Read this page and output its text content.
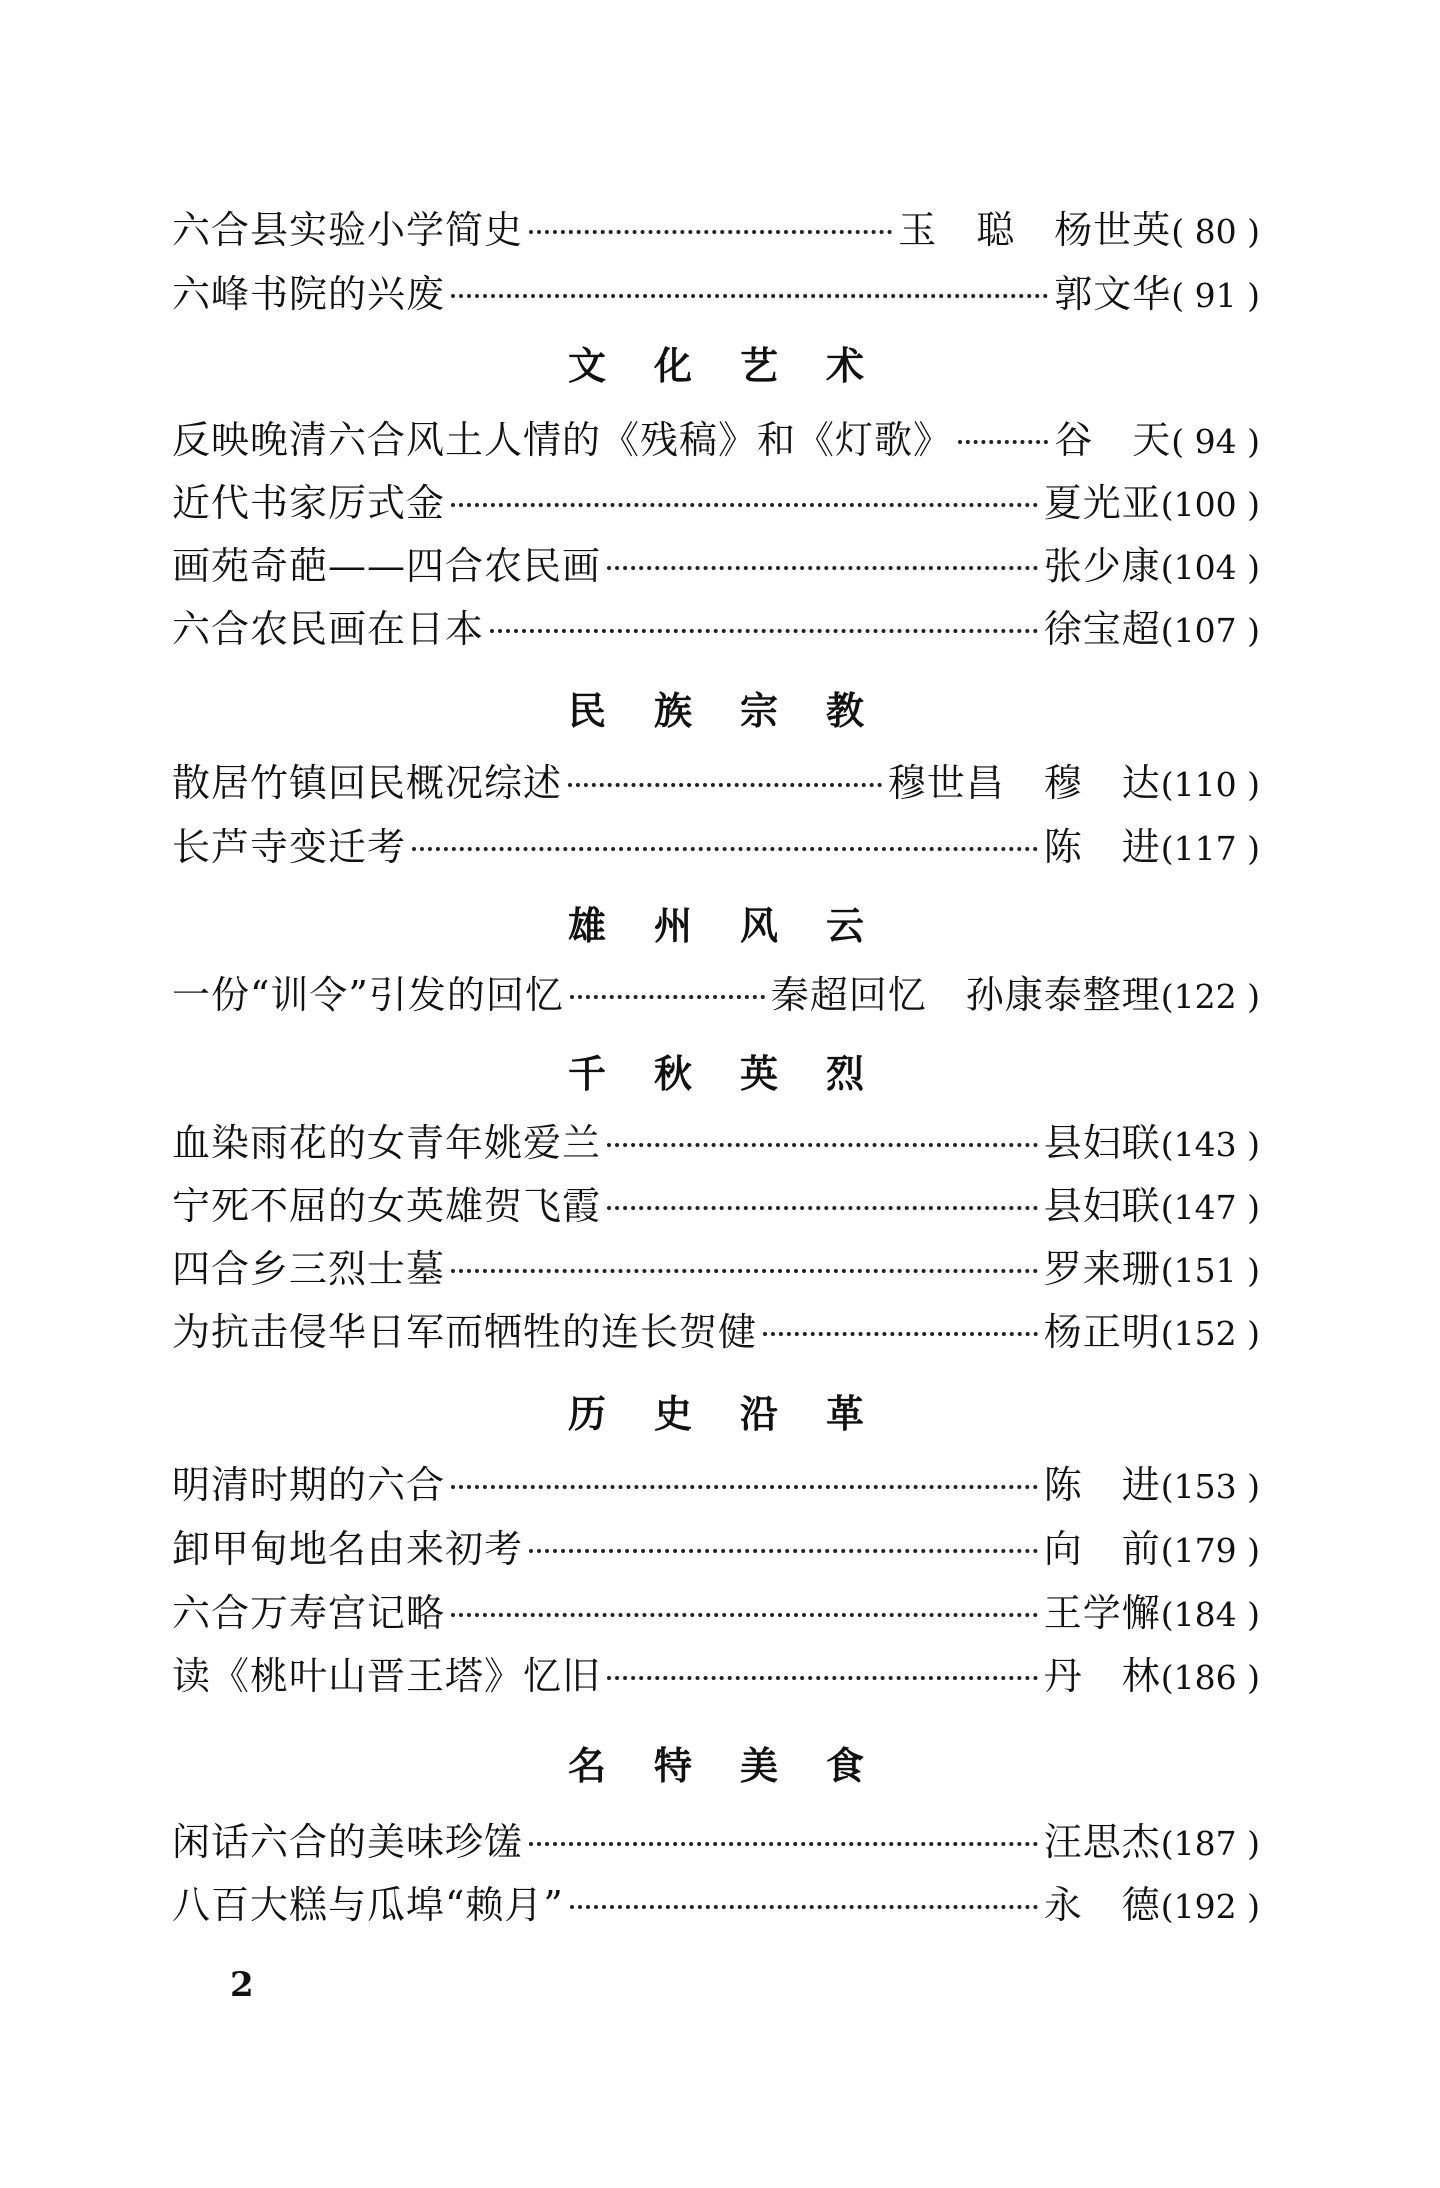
六合县实验小学简史	玉　聪　杨世英 ( 80 )
六峰书院的兴废	郭文华 ( 91 )
文化艺术
反映晚清六合风土人情的《残稿》和《灯歌》	谷　天 ( 94 )
近代书家厉式金	夏光亚 (100 )
画苑奇葩——四合农民画	张少康 (104 )
六合农民画在日本	徐宝超 (107 )
民族宗教
散居竹镇回民概况综述	穆世昌　穆　达 (110 )
长芦寺变迁考	陈　进 (117 )
雄州风云
一份“训令”引发的回忆	秦超回忆　孙康泰整理 (122 )
千秋英烈
血染雨花的女青年姚爱兰	县妇联 (143 )
宁死不屈的女英雄贺飞霞	县妇联 (147 )
四合乡三烈士墓	罗来珊 (151 )
为抗击侵华日军而牺牲的连长贺健	杨正明 (152 )
历史沿革
明清时期的六合	陈　进 (153 )
卸甲甸地名由来初考	向　前 (179 )
六合万寿宫记略	王学懈 (184 )
读《桃叶山晋王塔》忆旧	丹　林 (186 )
名特美食
闲话六合的美味珍馐	汪思杰 (187 )
八百大糕与瓜埠“赖月”	永　德 (192 )
2
